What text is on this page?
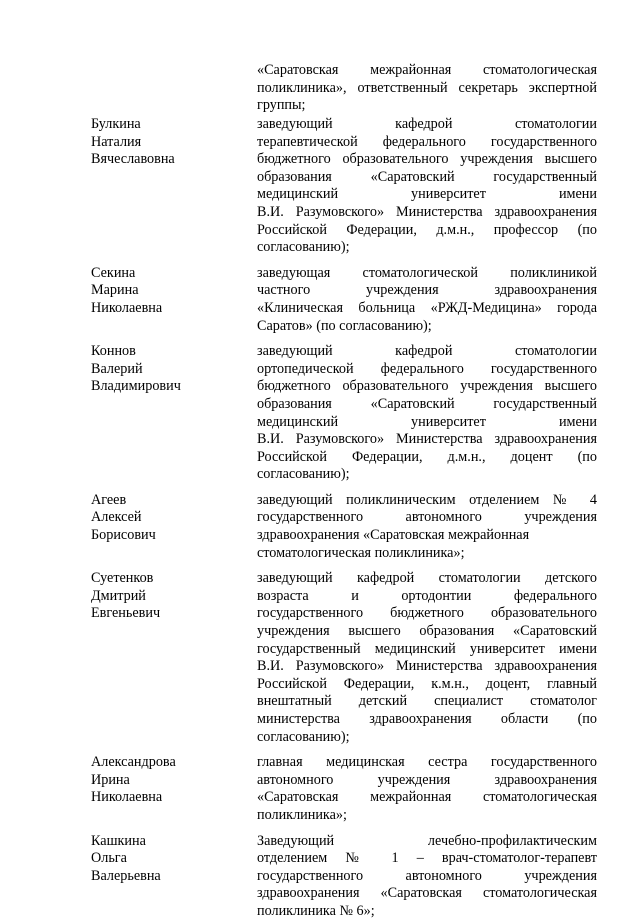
«Саратовская межрайонная стоматологическая
поликлиника», ответственный секретарь экспертной
группы;
Булкина
Наталия
Вячеславовна
заведующий кафедрой стоматологии
терапевтической федерального государственного
бюджетного образовательного учреждения высшего
образования «Саратовский государственный
медицинский университет имени
В.И. Разумовского» Министерства здравоохранения
Российской Федерации, д.м.н., профессор (по
согласованию);
Секина
Марина
Николаевна
заведующая стоматологической поликлиникой
частного учреждения здравоохранения
«Клиническая больница «РЖД-Медицина» города
Саратов» (по согласованию);
Коннов
Валерий
Владимирович
заведующий кафедрой стоматологии
ортопедической федерального государственного
бюджетного образовательного учреждения высшего
образования «Саратовский государственный
медицинский университет имени
В.И. Разумовского» Министерства здравоохранения
Российской Федерации, д.м.н., доцент (по
согласованию);
Агеев
Алексей
Борисович
заведующий поликлиническим отделением № 4
государственного автономного учреждения
здравоохранения «Саратовская межрайонная
стоматологическая поликлиника»;
Суетенков
Дмитрий
Евгеньевич
заведующий кафедрой стоматологии детского
возраста и ортодонтии федерального
государственного бюджетного образовательного
учреждения высшего образования «Саратовский
государственный медицинский университет имени
В.И. Разумовского» Министерства здравоохранения
Российской Федерации, к.м.н., доцент, главный
внештатный детский специалист стоматолог
министерства здравоохранения области (по
согласованию);
Александрова
Ирина
Николаевна
главная медицинская сестра государственного
автономного учреждения здравоохранения
«Саратовская межрайонная стоматологическая
поликлиника»;
Кашкина
Ольга
Валерьевна
Заведующий лечебно-профилактическим
отделением № 1 – врач-стоматолог-терапевт
государственного автономного учреждения
здравоохранения «Саратовская стоматологическая
поликлиника № 6»;
